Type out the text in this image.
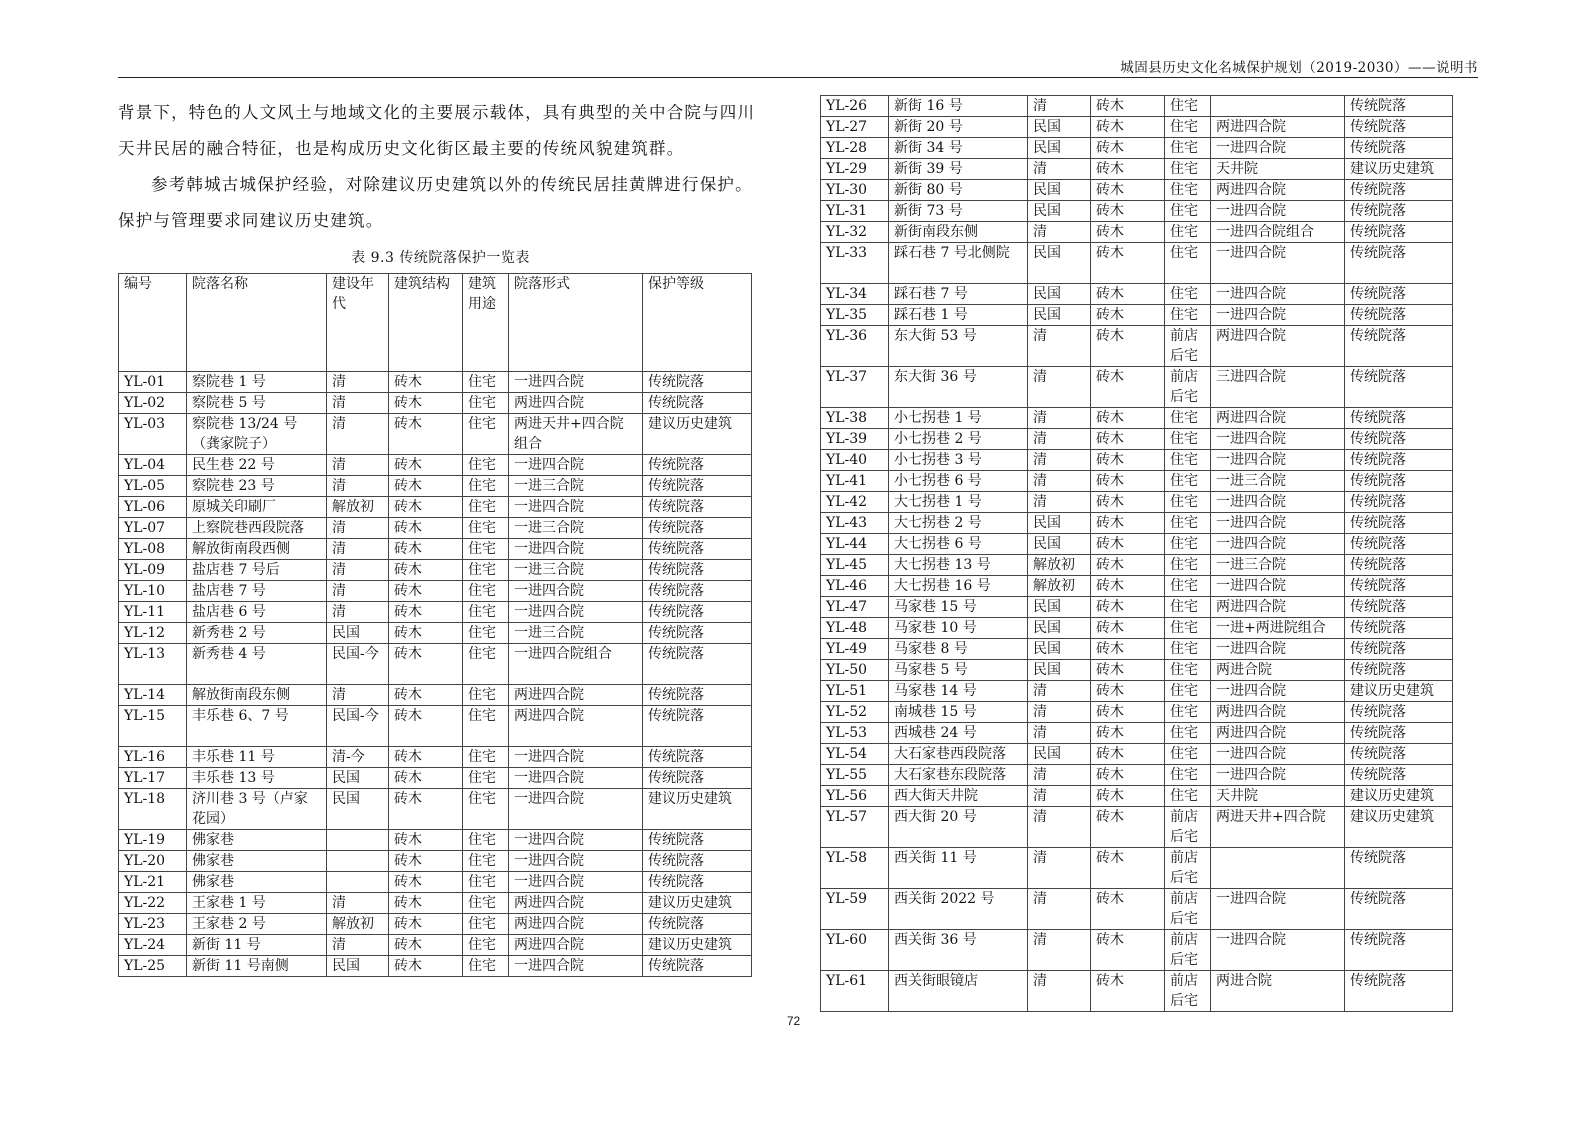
城固县历史文化名城保护规划（2019-2030）——说明书

背景下，特色的人文风土与地域文化的主要展示载体，具有典型的关中合院与四川天井民居的融合特征，也是构成历史文化街区最主要的传统风貌建筑群。

参考韩城古城保护经验，对除建议历史建筑以外的传统民居挂黄牌进行保护。保护与管理要求同建议历史建筑。

表 9.3 传统院落保护一览表
编号	院落名称	建设年代	建筑结构	建筑用途	院落形式	保护等级
YL-01	察院巷 1 号	清	砖木	住宅	一进四合院	传统院落
YL-02	察院巷 5 号	清	砖木	住宅	两进四合院	传统院落
YL-03	察院巷 13/24 号（龚家院子）	清	砖木	住宅	两进天井+四合院组合	建议历史建筑
YL-04	民生巷 22 号	清	砖木	住宅	一进四合院	传统院落
YL-05	察院巷 23 号	清	砖木	住宅	一进三合院	传统院落
YL-06	原城关印刷厂	解放初	砖木	住宅	一进四合院	传统院落
YL-07	上察院巷西段院落	清	砖木	住宅	一进三合院	传统院落
YL-08	解放街南段西侧	清	砖木	住宅	一进四合院	传统院落
YL-09	盐店巷 7 号后	清	砖木	住宅	一进三合院	传统院落
YL-10	盐店巷 7 号	清	砖木	住宅	一进四合院	传统院落
YL-11	盐店巷 6 号	清	砖木	住宅	一进四合院	传统院落
YL-12	新秀巷 2 号	民国	砖木	住宅	一进三合院	传统院落
YL-13	新秀巷 4 号	民国-今	砖木	住宅	一进四合院组合	传统院落
YL-14	解放街南段东侧	清	砖木	住宅	两进四合院	传统院落
YL-15	丰乐巷 6、7 号	民国-今	砖木	住宅	两进四合院	传统院落
YL-16	丰乐巷 11 号	清-今	砖木	住宅	一进四合院	传统院落
YL-17	丰乐巷 13 号	民国	砖木	住宅	一进四合院	传统院落
YL-18	济川巷 3 号（卢家花园）	民国	砖木	住宅	一进四合院	建议历史建筑
YL-19	佛家巷		砖木	住宅	一进四合院	传统院落
YL-20	佛家巷		砖木	住宅	一进四合院	传统院落
YL-21	佛家巷		砖木	住宅	一进四合院	传统院落
YL-22	王家巷 1 号	清	砖木	住宅	两进四合院	建议历史建筑
YL-23	王家巷 2 号	解放初	砖木	住宅	两进四合院	传统院落
YL-24	新街 11 号	清	砖木	住宅	两进四合院	建议历史建筑
YL-25	新街 11 号南侧	民国	砖木	住宅	一进四合院	传统院落
YL-26	新街 16 号	清	砖木	住宅		传统院落
YL-27	新街 20 号	民国	砖木	住宅	两进四合院	传统院落
YL-28	新街 34 号	民国	砖木	住宅	一进四合院	传统院落
YL-29	新街 39 号	清	砖木	住宅	天井院	建议历史建筑
YL-30	新街 80 号	民国	砖木	住宅	两进四合院	传统院落
YL-31	新街 73 号	民国	砖木	住宅	一进四合院	传统院落
YL-32	新街南段东侧	清	砖木	住宅	一进四合院组合	传统院落
YL-33	踩石巷 7 号北侧院	民国	砖木	住宅	一进四合院	传统院落
YL-34	踩石巷 7 号	民国	砖木	住宅	一进四合院	传统院落
YL-35	踩石巷 1 号	民国	砖木	住宅	一进四合院	传统院落
YL-36	东大街 53 号	清	砖木	前店后宅	两进四合院	传统院落
YL-37	东大街 36 号	清	砖木	前店后宅	三进四合院	传统院落
YL-38	小七拐巷 1 号	清	砖木	住宅	两进四合院	传统院落
YL-39	小七拐巷 2 号	清	砖木	住宅	一进四合院	传统院落
YL-40	小七拐巷 3 号	清	砖木	住宅	一进四合院	传统院落
YL-41	小七拐巷 6 号	清	砖木	住宅	一进三合院	传统院落
YL-42	大七拐巷 1 号	清	砖木	住宅	一进四合院	传统院落
YL-43	大七拐巷 2 号	民国	砖木	住宅	一进四合院	传统院落
YL-44	大七拐巷 6 号	民国	砖木	住宅	一进四合院	传统院落
YL-45	大七拐巷 13 号	解放初	砖木	住宅	一进三合院	传统院落
YL-46	大七拐巷 16 号	解放初	砖木	住宅	一进四合院	传统院落
YL-47	马家巷 15 号	民国	砖木	住宅	两进四合院	传统院落
YL-48	马家巷 10 号	民国	砖木	住宅	一进+两进院组合	传统院落
YL-49	马家巷 8 号	民国	砖木	住宅	一进四合院	传统院落
YL-50	马家巷 5 号	民国	砖木	住宅	两进合院	传统院落
YL-51	马家巷 14 号	清	砖木	住宅	一进四合院	建议历史建筑
YL-52	南城巷 15 号	清	砖木	住宅	两进四合院	传统院落
YL-53	西城巷 24 号	清	砖木	住宅	两进四合院	传统院落
YL-54	大石家巷西段院落	民国	砖木	住宅	一进四合院	传统院落
YL-55	大石家巷东段院落	清	砖木	住宅	一进四合院	传统院落
YL-56	西大街天井院	清	砖木	住宅	天井院	建议历史建筑
YL-57	西大街 20 号	清	砖木	前店后宅	两进天井+四合院	建议历史建筑
YL-58	西关街 11 号	清	砖木	前店后宅		传统院落
YL-59	西关街 2022 号	清	砖木	前店后宅	一进四合院	传统院落
YL-60	西关街 36 号	清	砖木	前店后宅	一进四合院	传统院落
YL-61	西关街眼镜店	清	砖木	前店后宅	两进合院	传统院落
72
